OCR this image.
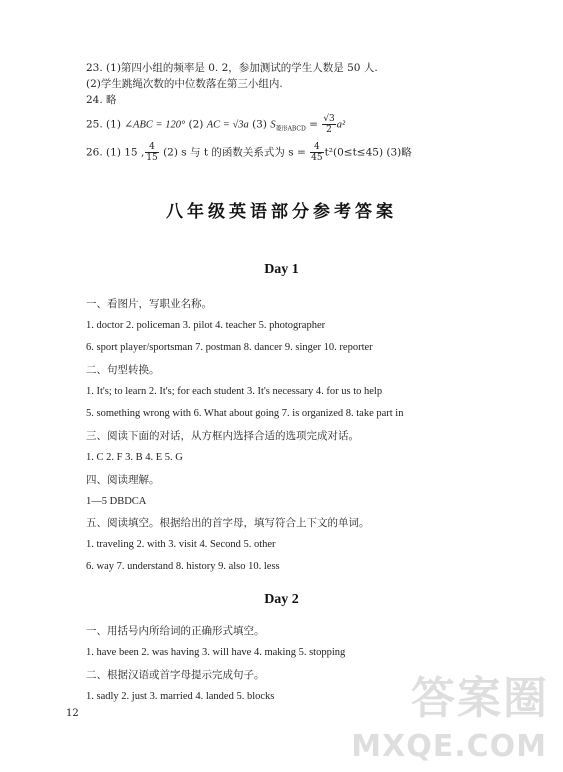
23. (1)第四小组的频率是 0. 2，参加测试的学生人数是 50 人.
(2)学生跳绳次数的中位数落在第三小组内.
24. 略
25. (1) ∠ABC = 120° (2) AC = √3a (3) $S_{菱形ABCD} = \frac{√3}{2} a^2$
26. (1) 15 , $\frac{4}{15} (2)$ s 与 t 的函数关系式为 $s = \frac{4}{45} t^2(0\le t\le 45)$ (3)略
八年级英语部分参考答案
Day 1
一、看图片，写职业名称。
1. doctor 2. policeman 3. pilot 4. teacher 5. photographer
6. sport player/sportsman 7. postman 8. dancer 9. singer 10. reporter
二、句型转换。
1. It's; to learn 2. It's; for each student 3. It's necessary 4. for us to help
5. something wrong with 6. What about going 7. is organized 8. take part in
三、阅读下面的对话，从方框内选择合适的选项完成对话。
1. C 2. F 3. B 4. E 5. G
四、阅读理解。
1—5 DBDCA
五、阅读填空。根据给出的首字母，填写符合上下文的单词。
1. traveling 2. with 3. visit 4. Second 5. other
6. way 7. understand 8. history 9. also 10. less
Day 2
一、用括号内所给词的正确形式填空。
1. have been 2. was having 3. will have 4. making 5. stopping
二、根据汉语或首字母提示完成句子。
1. sadly 2. just 3. married 4. landed 5. blocks
12	答案圈
MXQE.COM
